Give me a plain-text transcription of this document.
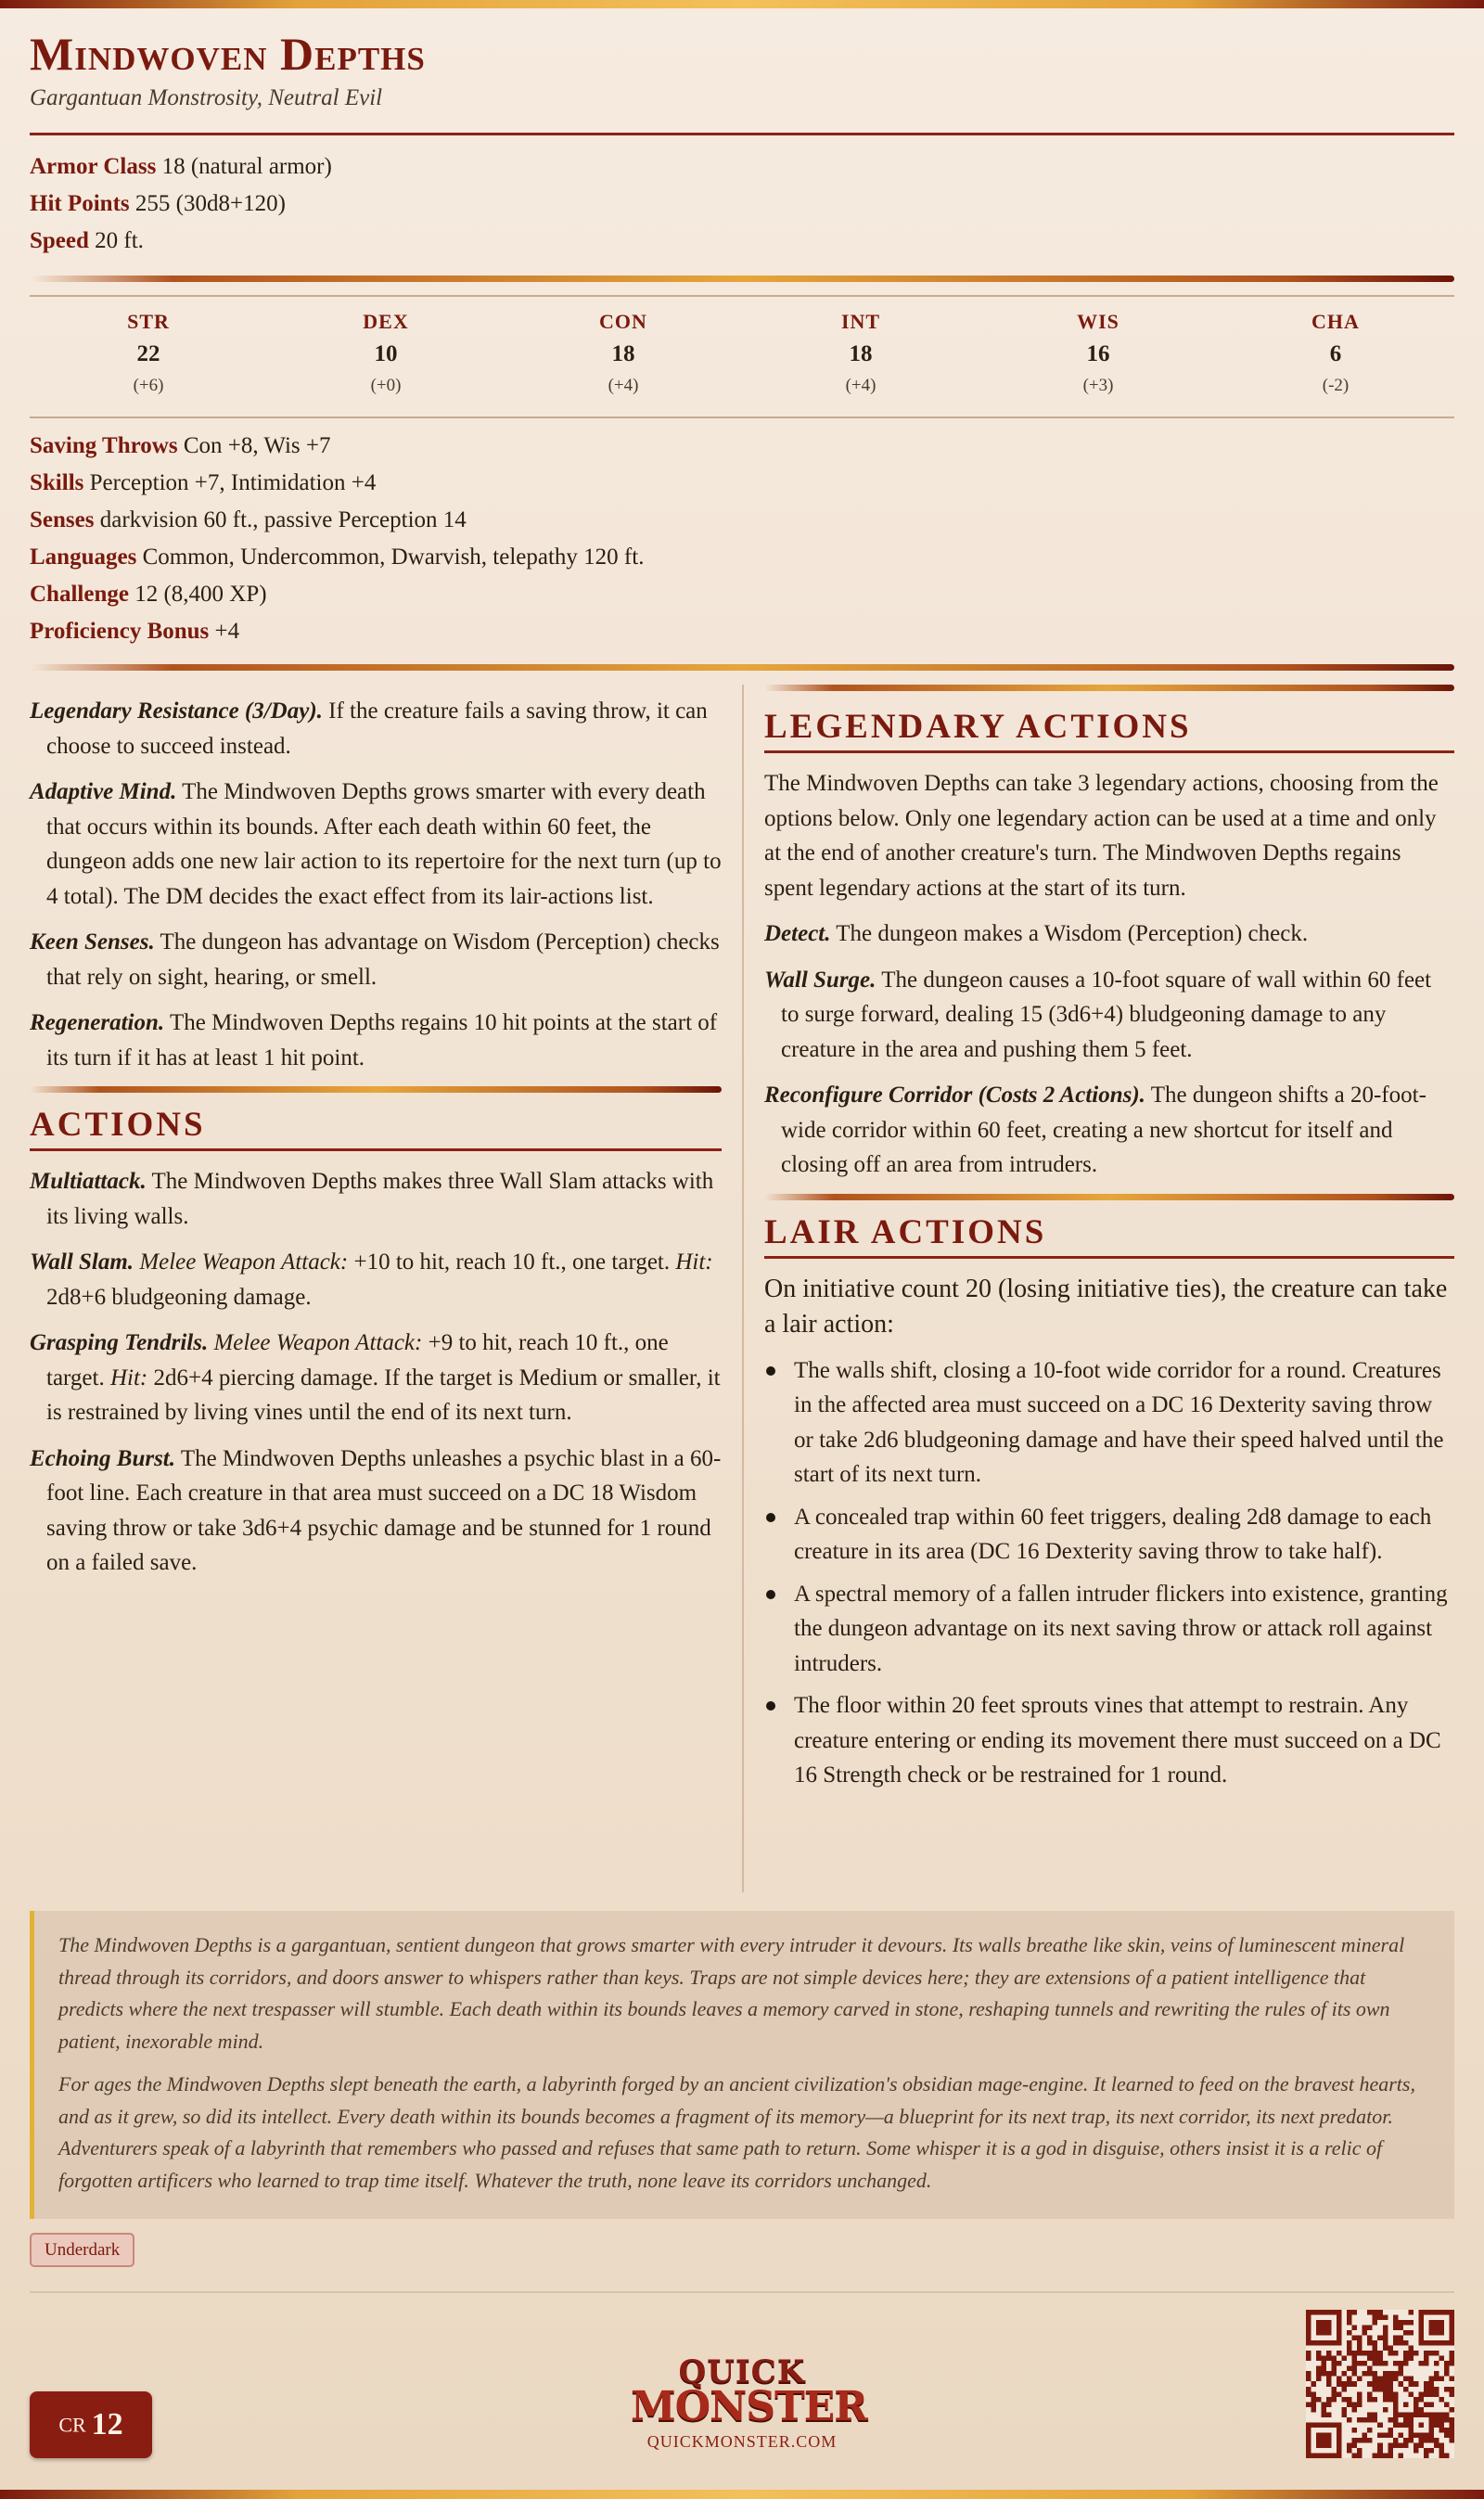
Mindwoven Depths
Gargantuan Monstrosity, Neutral Evil
Armor Class 18 (natural armor)
Hit Points 255 (30d8+120)
Speed 20 ft.
STR
22
(+6)
DEX
10
(+0)
CON
18
(+4)
INT
18
(+4)
WIS
16
(+3)
CHA
6
(-2)
Saving Throws Con +8, Wis +7
Skills Perception +7, Intimidation +4
Senses darkvision 60 ft., passive Perception 14
Languages Common, Undercommon, Dwarvish, telepathy 120 ft.
Challenge 12 (8,400 XP)
Proficiency Bonus +4
Legendary Resistance (3/Day). If the creature fails a saving throw, it can choose to succeed instead.
Adaptive Mind. The Mindwoven Depths grows smarter with every death that occurs within its bounds. After each death within 60 feet, the dungeon adds one new lair action to its repertoire for the next turn (up to 4 total). The DM decides the exact effect from its lair-actions list.
Keen Senses. The dungeon has advantage on Wisdom (Perception) checks that rely on sight, hearing, or smell.
Regeneration. The Mindwoven Depths regains 10 hit points at the start of its turn if it has at least 1 hit point.
ACTIONS
Multiattack. The Mindwoven Depths makes three Wall Slam attacks with its living walls.
Wall Slam. Melee Weapon Attack: +10 to hit, reach 10 ft., one target. Hit: 2d8+6 bludgeoning damage.
Grasping Tendrils. Melee Weapon Attack: +9 to hit, reach 10 ft., one target. Hit: 2d6+4 piercing damage. If the target is Medium or smaller, it is restrained by living vines until the end of its next turn.
Echoing Burst. The Mindwoven Depths unleashes a psychic blast in a 60-foot line. Each creature in that area must succeed on a DC 18 Wisdom saving throw or take 3d6+4 psychic damage and be stunned for 1 round on a failed save.
LEGENDARY ACTIONS
The Mindwoven Depths can take 3 legendary actions, choosing from the options below. Only one legendary action can be used at a time and only at the end of another creature's turn. The Mindwoven Depths regains spent legendary actions at the start of its turn.
Detect. The dungeon makes a Wisdom (Perception) check.
Wall Surge. The dungeon causes a 10-foot square of wall within 60 feet to surge forward, dealing 15 (3d6+4) bludgeoning damage to any creature in the area and pushing them 5 feet.
Reconfigure Corridor (Costs 2 Actions). The dungeon shifts a 20-foot-wide corridor within 60 feet, creating a new shortcut for itself and closing off an area from intruders.
LAIR ACTIONS
On initiative count 20 (losing initiative ties), the creature can take a lair action:
The walls shift, closing a 10-foot wide corridor for a round. Creatures in the affected area must succeed on a DC 16 Dexterity saving throw or take 2d6 bludgeoning damage and have their speed halved until the start of its next turn.
A concealed trap within 60 feet triggers, dealing 2d8 damage to each creature in its area (DC 16 Dexterity saving throw to take half).
A spectral memory of a fallen intruder flickers into existence, granting the dungeon advantage on its next saving throw or attack roll against intruders.
The floor within 20 feet sprouts vines that attempt to restrain. Any creature entering or ending its movement there must succeed on a DC 16 Strength check or be restrained for 1 round.

The Mindwoven Depths is a gargantuan, sentient dungeon that grows smarter with every intruder it devours. Its walls breathe like skin, veins of luminescent mineral thread through its corridors, and doors answer to whispers rather than keys. Traps are not simple devices here; they are extensions of a patient intelligence that predicts where the next trespasser will stumble. Each death within its bounds leaves a memory carved in stone, reshaping tunnels and rewriting the rules of its own patient, inexorable mind.

For ages the Mindwoven Depths slept beneath the earth, a labyrinth forged by an ancient civilization's obsidian mage-engine. It learned to feed on the bravest hearts, and as it grew, so did its intellect. Every death within its bounds becomes a fragment of its memory—a blueprint for its next trap, its next corridor, its next predator. Adventurers speak of a labyrinth that remembers who passed and refuses that same path to return. Some whisper it is a god in disguise, others insist it is a relic of forgotten artificers who learned to trap time itself. Whatever the truth, none leave its corridors unchanged.

Underdark
CR 12
QUICK
MONSTER
QUICKMONSTER.COM
